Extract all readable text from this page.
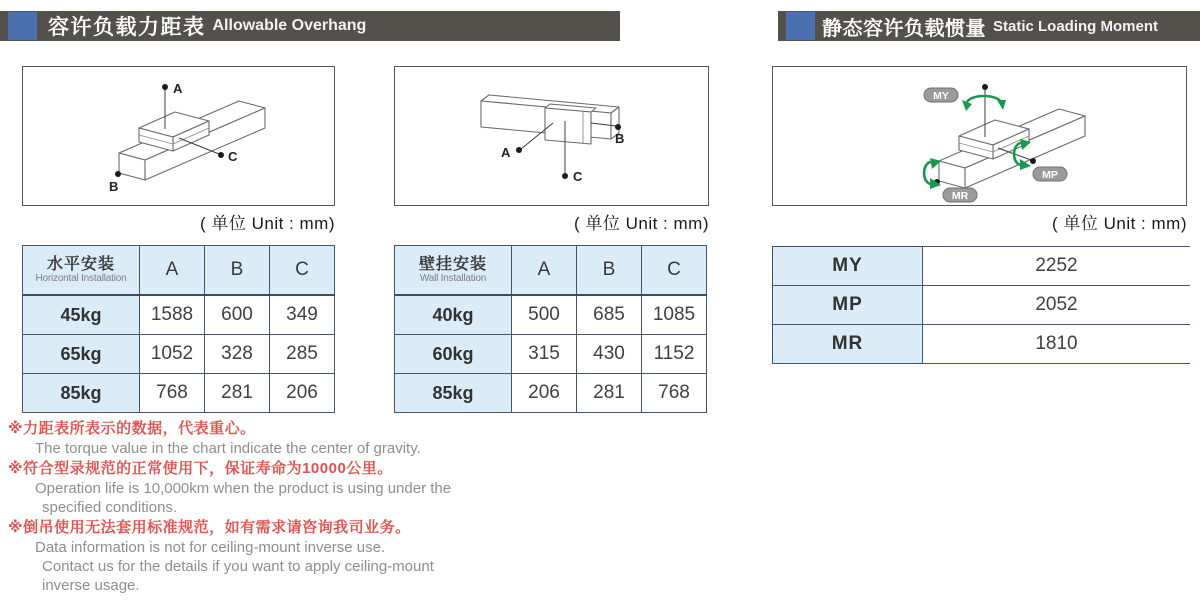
容许负载力距表 Allowable Overhang	静态容许负载惯量 Static Loading Moment
A
C
B
( 单位 Unit : mm)
A
C
B
( 单位 Unit : mm)
MY
MP
MR
( 单位 Unit : mm)
水平安装
Horizontal Installation	A	B	C
45kg	1588	600	349
65kg	1052	328	285
85kg	768	281	206
壁挂安装
Wall Installation	A	B	C
40kg	500	685	1085
60kg	315	430	1152
85kg	206	281	768
MY	2252
MP	2052
MR	1810
※力距表所表示的数据，代表重心。
The torque value in the chart indicate the center of gravity.
※符合型录规范的正常使用下，保证寿命为10000公里。
Operation life is 10,000km when the product is using under the
specified conditions.
※倒吊使用无法套用标准规范，如有需求请咨询我司业务。
Data information is not for ceiling-mount inverse use.
Contact us for the details if you want to apply ceiling-mount
inverse usage.
